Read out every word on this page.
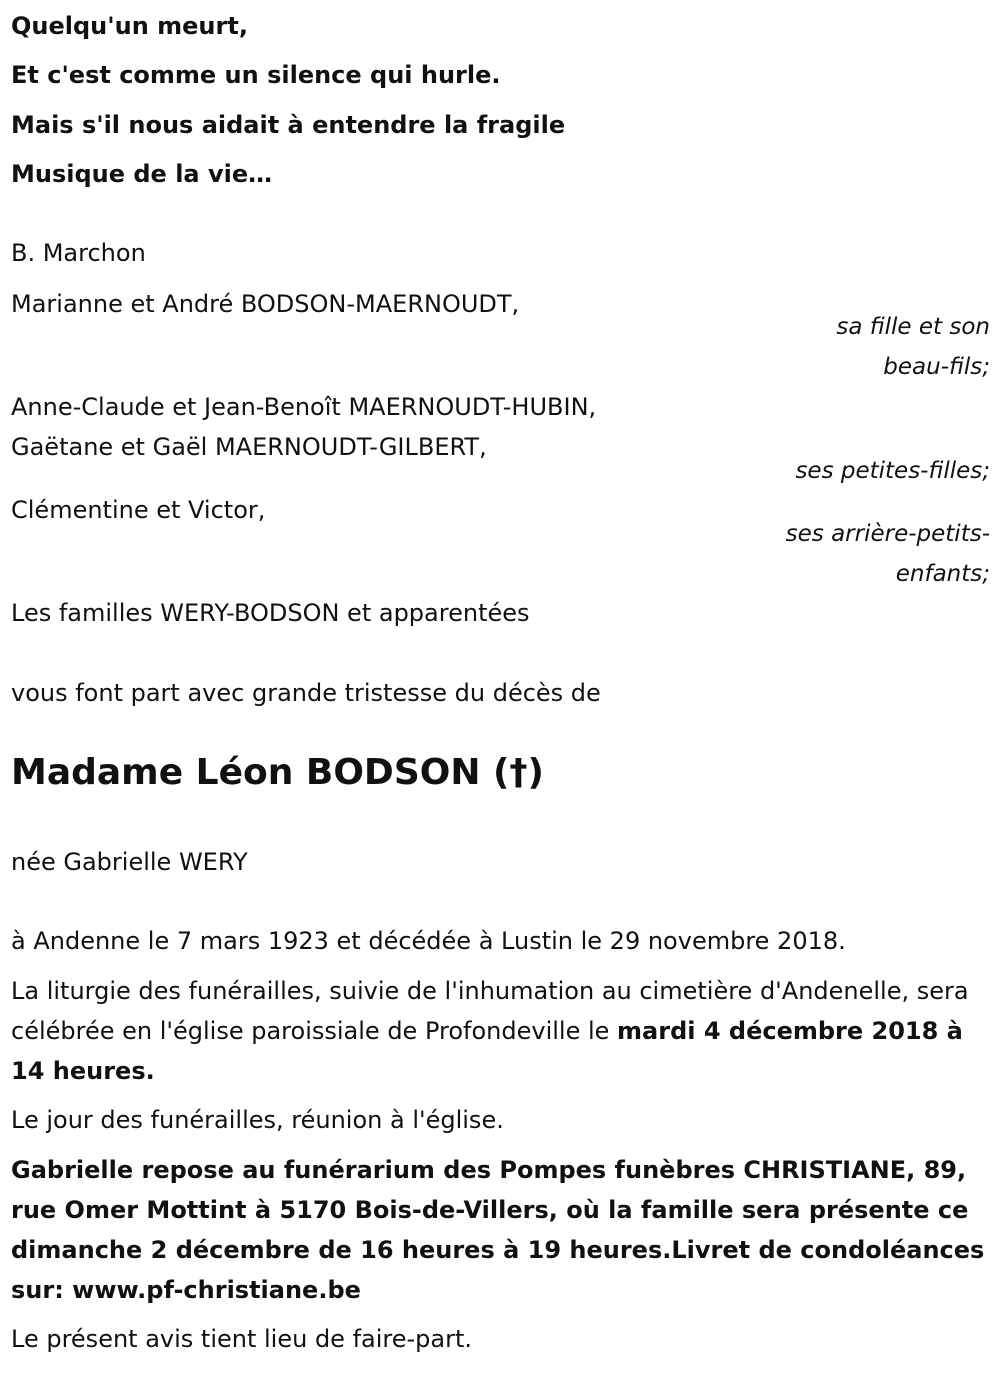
Quelqu'un meurt,
Et c'est comme un silence qui hurle.
Mais s'il nous aidait à entendre la fragile
Musique de la vie…
B. Marchon
Marianne et André BODSON-MAERNOUDT,
sa fille et son
beau-fils;
Anne-Claude et Jean-Benoît MAERNOUDT-HUBIN,
Gaëtane et Gaël MAERNOUDT-GILBERT,
ses petites-filles;
Clémentine et Victor,
ses arrière-petits-
enfants;
Les familles WERY-BODSON et apparentées
vous font part avec grande tristesse du décès de
Madame Léon BODSON (†)
née Gabrielle WERY
à Andenne le 7 mars 1923 et décédée à Lustin le 29 novembre 2018.
La liturgie des funérailles, suivie de l'inhumation au cimetière d'Andenelle, sera célébrée en l'église paroissiale de Profondeville le mardi 4 décembre 2018 à 14 heures.
Le jour des funérailles, réunion à l'église.
Gabrielle repose au funérarium des Pompes funèbres CHRISTIANE, 89, rue Omer Mottint à 5170 Bois-de-Villers, où la famille sera présente ce dimanche 2 décembre de 16 heures à 19 heures.Livret de condoléances sur: www.pf-christiane.be
Le présent avis tient lieu de faire-part.
